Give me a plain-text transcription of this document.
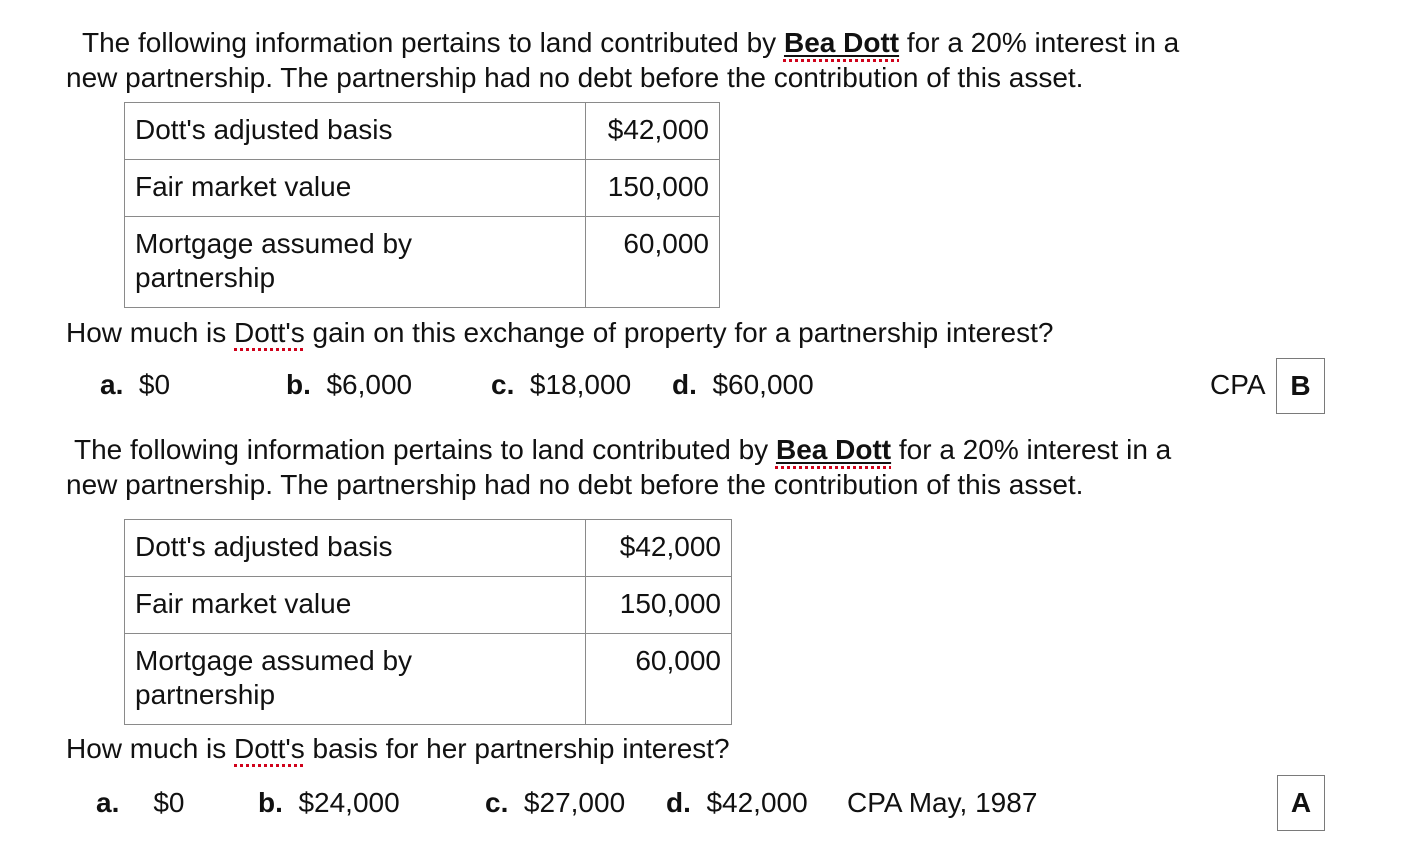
The following information pertains to land contributed by Bea Dott for a 20% interest in a
new partnership. The partnership had no debt before the contribution of this asset.
Dott's adjusted basis	$42,000
Fair market value	150,000

Mortgage assumed by partnership	60,000
How much is Dott's gain on this exchange of property for a partnership interest?
a. $0	b. $6,000	c. $18,000 d. $60,000	CPA B
The following information pertains to land contributed by Bea Dott for a 20% interest in a
new partnership. The partnership had no debt before the contribution of this asset.
Dott's adjusted basis	$42,000
Fair market value	150,000

Mortgage assumed by partnership	60,000
How much is Dott's basis for her partnership interest?
a. $0	b. $24,000	c. $27,000 d. $42,000 CPA May, 1987	A
